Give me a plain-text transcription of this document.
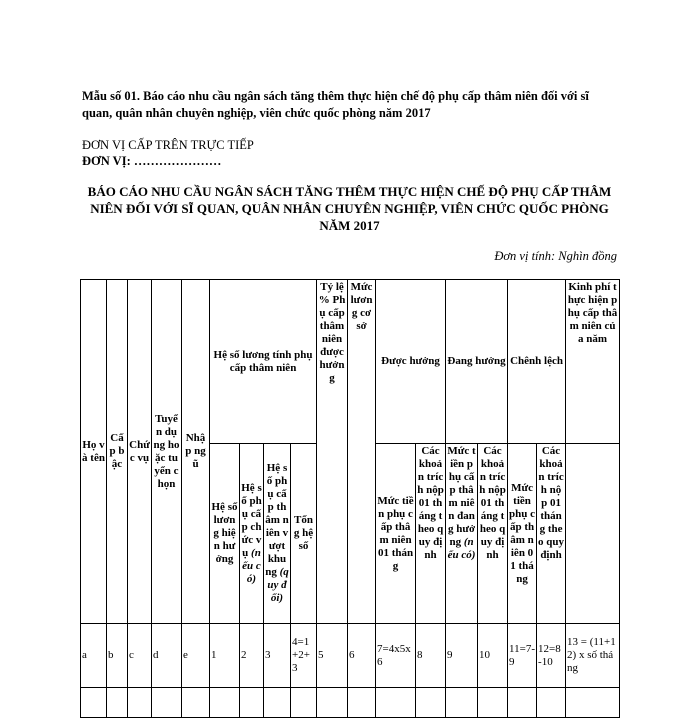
Mẫu số 01. Báo cáo nhu cầu ngân sách tăng thêm thực hiện chế độ phụ cấp thâm niên đối với sĩ quan, quân nhân chuyên nghiệp, viên chức quốc phòng năm 2017
ĐƠN VỊ CẤP TRÊN TRỰC TIẾP
ĐƠN VỊ: …………………
BÁO CÁO NHU CẦU NGÂN SÁCH TĂNG THÊM THỰC HIỆN CHẾ ĐỘ PHỤ CẤP THÂM NIÊN ĐỐI VỚI SĨ QUAN, QUÂN NHÂN CHUYÊN NGHIỆP, VIÊN CHỨC QUỐC PHÒNG NĂM 2017
Đơn vị tính: Nghìn đồng
Họ và tên	Cấp bậc	Chức vụ	Tuyển dụng hoặc tuyển chọn	Nhập ngũ	Hệ số lương tính phụ cấp thâm niên				Tỷ lệ % Phụ cấp thâm niên được hưởng	Mức lương cơ sở	Được hưởng		Đang hưởng		Chênh lệch		Kinh phí thực hiện phụ cấp thâm niên của năm
					Hệ số lương hiện hưởng	Hệ số phụ cấp chức vụ (nếu có)	Hệ số phụ cấp thâm niên vượt khung (quy đổi)	Tổng hệ số			Mức tiền phụ cấp thâm niên 01 tháng	Các khoản trích nộp 01 tháng theo quy định	Mức tiền phụ cấp thâm niên đang hưởng (nếu có)	Các khoản trích nộp 01 tháng theo quy định	Mức tiền phụ cấp thâm niên 01 tháng	Các khoản trích nộp 01 tháng theo quy định	
a	b	c	d	e	1	2	3	4=1+2+3	5	6	7=4x5x6	8	9	10	11=7-9	12=8-10	13 = (11+12) x số tháng
